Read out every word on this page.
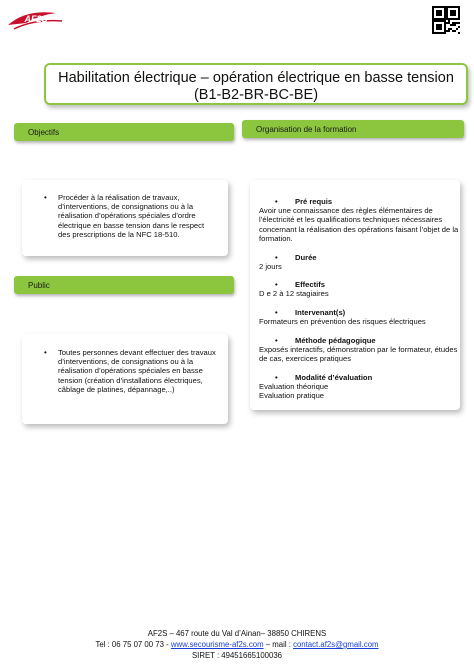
AF2S
Habilitation électrique – opération électrique en basse tension
(B1-B2-BR-BC-BE)
Objectifs
• Procéder à la réalisation de travaux, d’interventions, de consignations ou à la réalisation d’opérations spéciales d’ordre électrique en basse tension dans le respect des prescriptions de la NFC 18-510.
Public
• Toutes personnes devant effectuer des travaux d’interventions, de consignations ou à la réalisation d’opérations spéciales en basse tension (création d’installations électriques, câblage de platines, dépannage,..)
Organisation de la formation
• Pré requis
Avoir une connaissance des règles élémentaires de l’électricité et les qualifications techniques nécessaires concernant la réalisation des opérations faisant l’objet de la formation.
• Durée
2 jours
• Effectifs
D e 2 à 12 stagiaires
• Intervenant(s)
Formateurs en prévention des risques électriques
• Méthode pédagogique
Exposés interactifs, démonstration par le formateur, études de cas, exercices pratiques
• Modalité d’évaluation
Evaluation théorique
Evaluation pratique
AF2S – 467 route du Val d’Ainan– 38850 CHIRENS
Tel : 06 75 07 00 73 - www.secourisme-af2s.com – mail : contact.af2s@gmail.com
SIRET : 49451665100036
